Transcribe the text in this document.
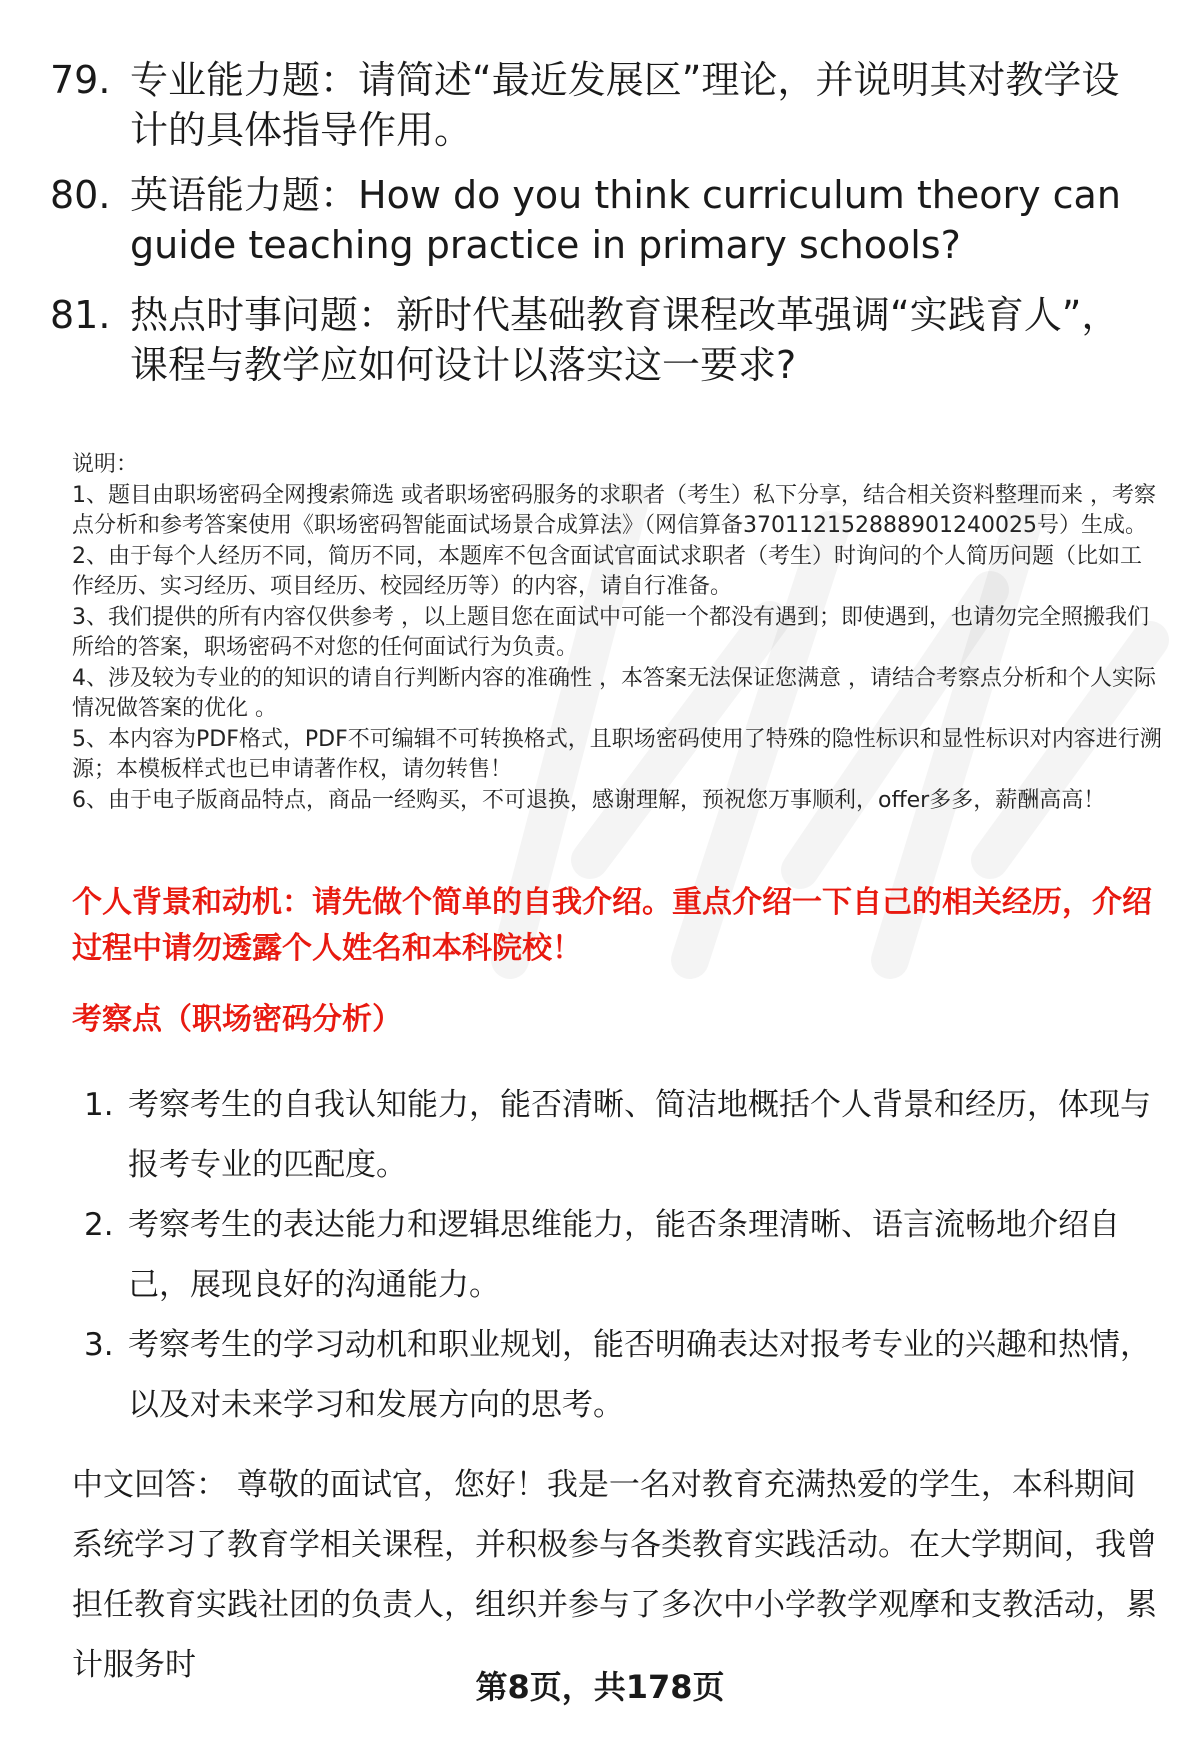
79. 专业能力题：请简述“最近发展区”理论，并说明其对教学设计的具体指导作用。
80. 英语能力题：How do you think curriculum theory can guide teaching practice in primary schools?
81. 热点时事问题：新时代基础教育课程改革强调“实践育人”，课程与教学应如何设计以落实这一要求?
说明：
1、题目由职场密码全网搜索筛选 或者职场密码服务的求职者（考生）私下分享，结合相关资料整理而来 ，考察点分析和参考答案使用《职场密码智能面试场景合成算法》（网信算备370112152888901240025号）生成。
2、由于每个人经历不同，简历不同，本题库不包含面试官面试求职者（考生）时询问的个人简历问题（比如工作经历、实习经历、项目经历、校园经历等）的内容，请自行准备。
3、我们提供的所有内容仅供参考 ，以上题目您在面试中可能一个都没有遇到；即使遇到，也请勿完全照搬我们所给的答案，职场密码不对您的任何面试行为负责。
4、涉及较为专业的的知识的请自行判断内容的准确性 ，本答案无法保证您满意 ，请结合考察点分析和个人实际情况做答案的优化 。
5、本内容为PDF格式，PDF不可编辑不可转换格式，且职场密码使用了特殊的隐性标识和显性标识对内容进行溯源；本模板样式也已申请著作权，请勿转售！
6、由于电子版商品特点，商品一经购买，不可退换，感谢理解，预祝您万事顺利，offer多多，薪酬高高！
个人背景和动机：请先做个简单的自我介绍。重点介绍一下自己的相关经历，介绍过程中请勿透露个人姓名和本科院校！
考察点（职场密码分析）
1. 考察考生的自我认知能力，能否清晰、简洁地概括个人背景和经历，体现与报考专业的匹配度。
2. 考察考生的表达能力和逻辑思维能力，能否条理清晰、语言流畅地介绍自己，展现良好的沟通能力。
3. 考察考生的学习动机和职业规划，能否明确表达对报考专业的兴趣和热情，以及对未来学习和发展方向的思考。
中文回答： 尊敬的面试官，您好！我是一名对教育充满热爱的学生，本科期间系统学习了教育学相关课程，并积极参与各类教育实践活动。在大学期间，我曾担任教育实践社团的负责人，组织并参与了多次中小学教学观摩和支教活动，累计服务时
第8页，共178页
